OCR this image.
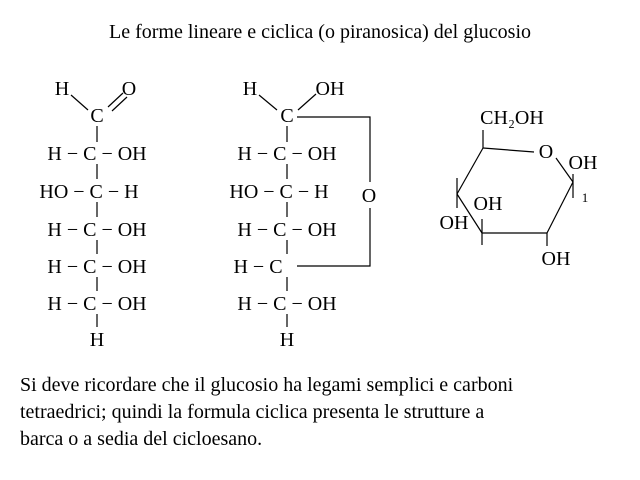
Le forme lineare e ciclica (o piranosica) del glucosio
H	O
C
H − C − OH
HO − C − H
H − C − OH
H − C − OH
H − C − OH
H
H	OH
C
H − C − OH
HO − C − H
H − C − OH
H − C
H − C − OH
H
O
CH₂OH
O OH
1
OH
OH
OH
Si deve ricordare che il glucosio ha legami semplici e carboni
tetraedrici; quindi la formula ciclica presenta le strutture a
barca o a sedia del cicloesano.
